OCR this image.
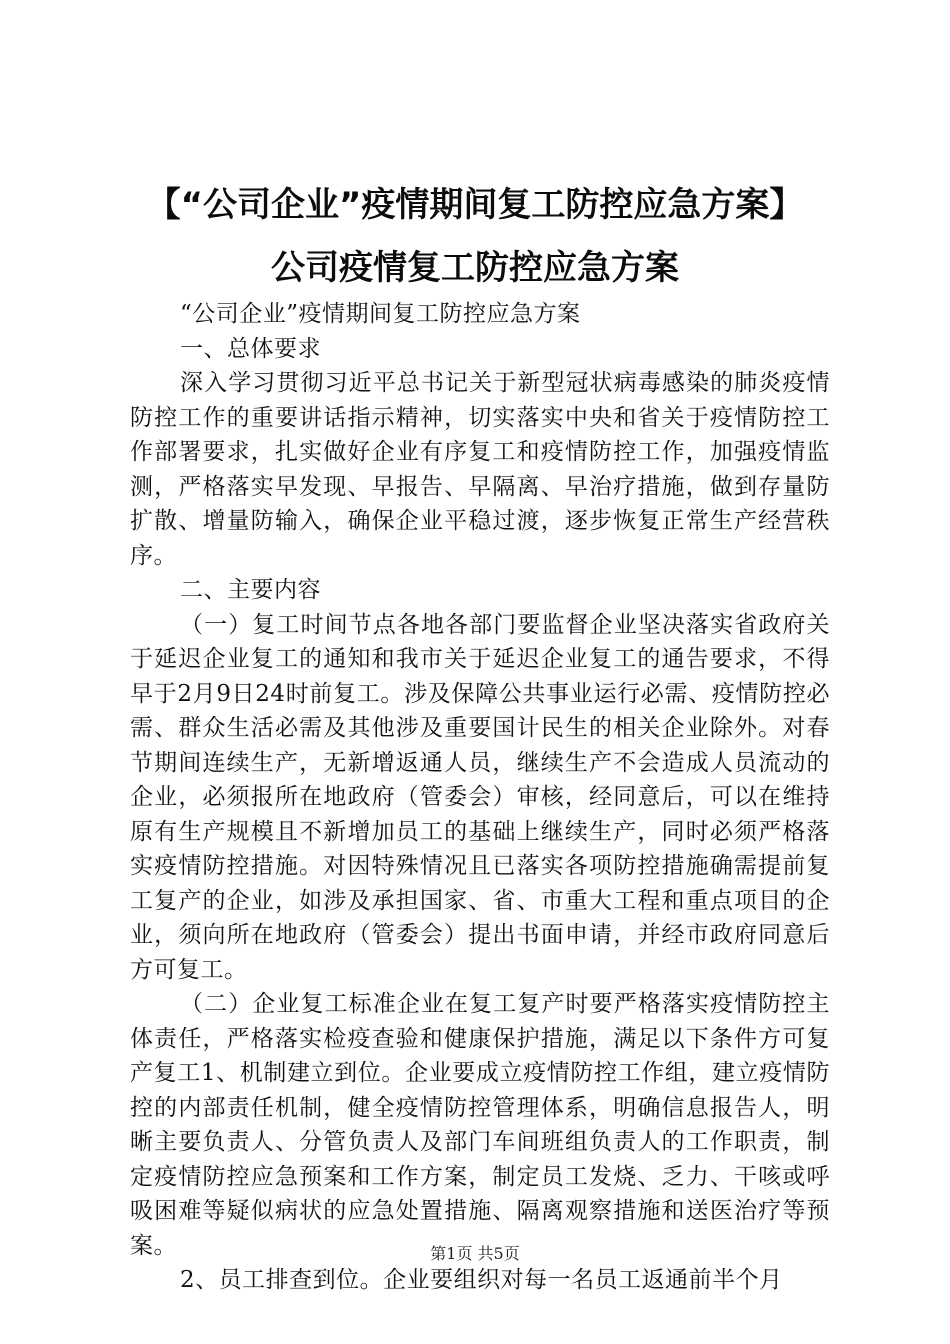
【“公司企业”疫情期间复工防控应急方案】
公司疫情复工防控应急方案

“公司企业”疫情期间复工防控应急方案

一、总体要求

深入学习贯彻习近平总书记关于新型冠状病毒感染的肺炎疫情防控工作的重要讲话指示精神，切实落实中央和省关于疫情防控工作部署要求，扎实做好企业有序复工和疫情防控工作，加强疫情监测，严格落实早发现、早报告、早隔离、早治疗措施，做到存量防扩散、增量防输入，确保企业平稳过渡，逐步恢复正常生产经营秩序。

二、主要内容

（一）复工时间节点各地各部门要监督企业坚决落实省政府关于延迟企业复工的通知和我市关于延迟企业复工的通告要求，不得早于2月9日24时前复工。涉及保障公共事业运行必需、疫情防控必需、群众生活必需及其他涉及重要国计民生的相关企业除外。对春节期间连续生产，无新增返通人员，继续生产不会造成人员流动的企业，必须报所在地政府（管委会）审核，经同意后，可以在维持原有生产规模且不新增加员工的基础上继续生产，同时必须严格落实疫情防控措施。对因特殊情况且已落实各项防控措施确需提前复工复产的企业，如涉及承担国家、省、市重大工程和重点项目的企业，须向所在地政府（管委会）提出书面申请，并经市政府同意后方可复工。

（二）企业复工标准企业在复工复产时要严格落实疫情防控主体责任，严格落实检疫查验和健康保护措施，满足以下条件方可复产复工1、机制建立到位。企业要成立疫情防控工作组，建立疫情防控的内部责任机制，健全疫情防控管理体系，明确信息报告人，明晰主要负责人、分管负责人及部门车间班组负责人的工作职责，制定疫情防控应急预案和工作方案，制定员工发烧、乏力、干咳或呼吸困难等疑似病状的应急处置措施、隔离观察措施和送医治疗等预案。

2、员工排查到位。企业要组织对每一名员工返通前半个月

第1页 共5页
